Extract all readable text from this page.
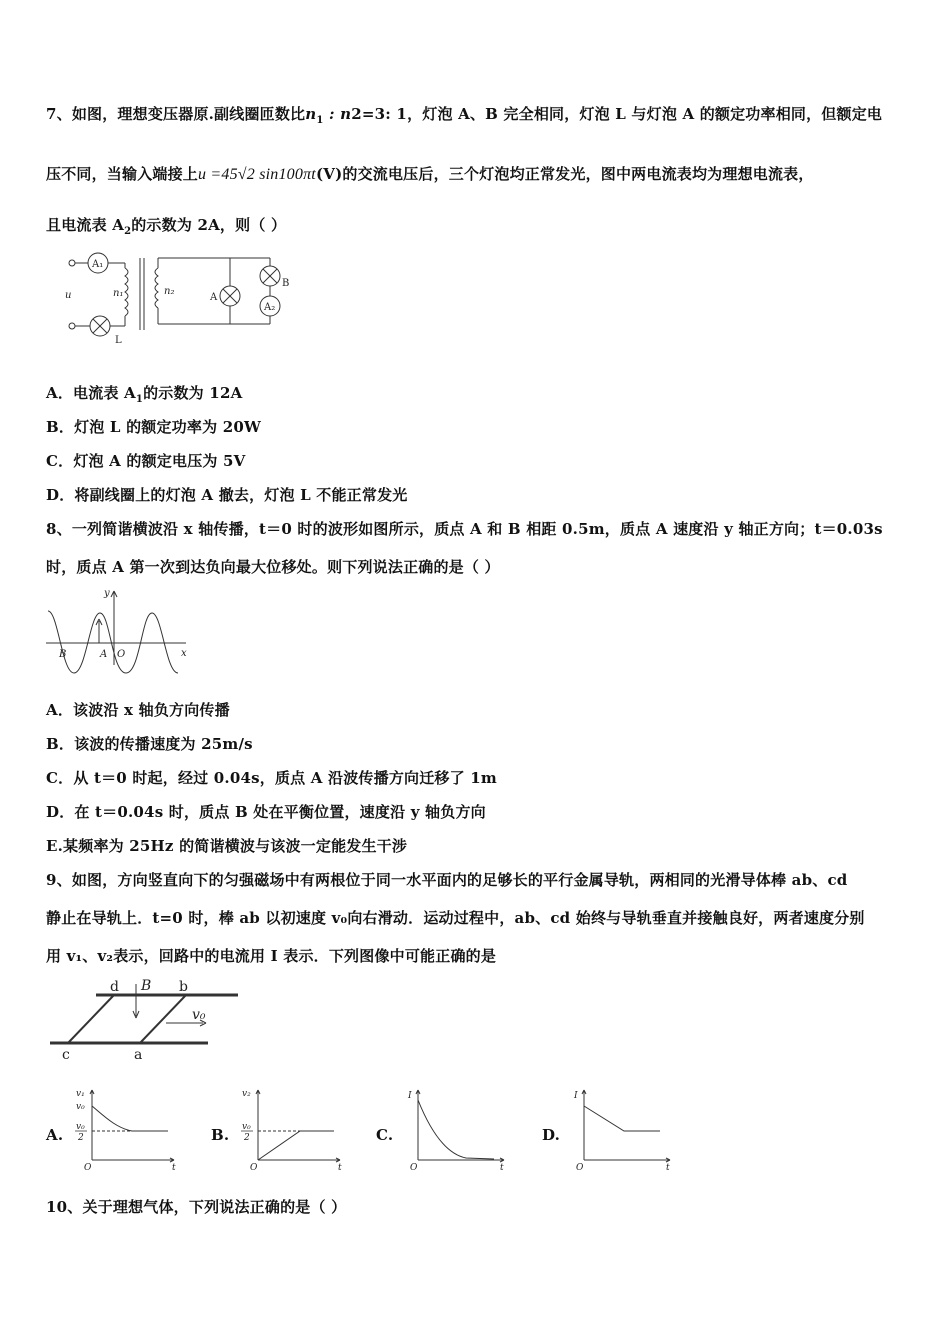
7、如图，理想变压器原.副线圈匝数比$n_1$ : n2=3: 1，灯泡 A、B 完全相同，灯泡 L 与灯泡 A 的额定功率相同，但额定电
压不同，当输入端接上u =45√2 sin100πt(V)的交流电压后，三个灯泡均正常发光，图中两电流表均为理想电流表，
且电流表 $A_2$的示数为 2A，则（ ）
A₁
u	n₁	n₂
L
A
B
A₂
A．电流表 $A_1$的示数为 12A
B．灯泡 L 的额定功率为 20W
C．灯泡 A 的额定电压为 5V
D．将副线圈上的灯泡 A 撤去，灯泡 L 不能正常发光
8、一列简谐横波沿 x 轴传播，t＝0 时的波形如图所示，质点 A 和 B 相距 0.5m，质点 A 速度沿 y 轴正方向；t＝0.03s
时，质点 A 第一次到达负向最大位移处。则下列说法正确的是（ ）
y
x
B	A O
A．该波沿 x 轴负方向传播
B．该波的传播速度为 25m/s
C．从 t＝0 时起，经过 0.04s，质点 A 沿波传播方向迁移了 1m
D．在 t＝0.04s 时，质点 B 处在平衡位置，速度沿 y 轴负方向
E.某频率为 25Hz 的简谐横波与该波一定能发生干涉
9、如图，方向竖直向下的匀强磁场中有两根位于同一水平面内的足够长的平行金属导轨，两相同的光滑导体棒 ab、cd
静止在导轨上．t=0 时，棒 ab 以初速度 v₀向右滑动．运动过程中，ab、cd 始终与导轨垂直并接触良好，两者速度分别
用 v₁、v₂表示，回路中的电流用 I 表示．下列图像中可能正确的是
d B b
v₀
c	a
A.
v₁
v₀
v₀
2
O	t
B.
v₂
v₀
2
O	t
C.
I
O	t
D.
I
O	t
10、关于理想气体，下列说法正确的是（ ）
